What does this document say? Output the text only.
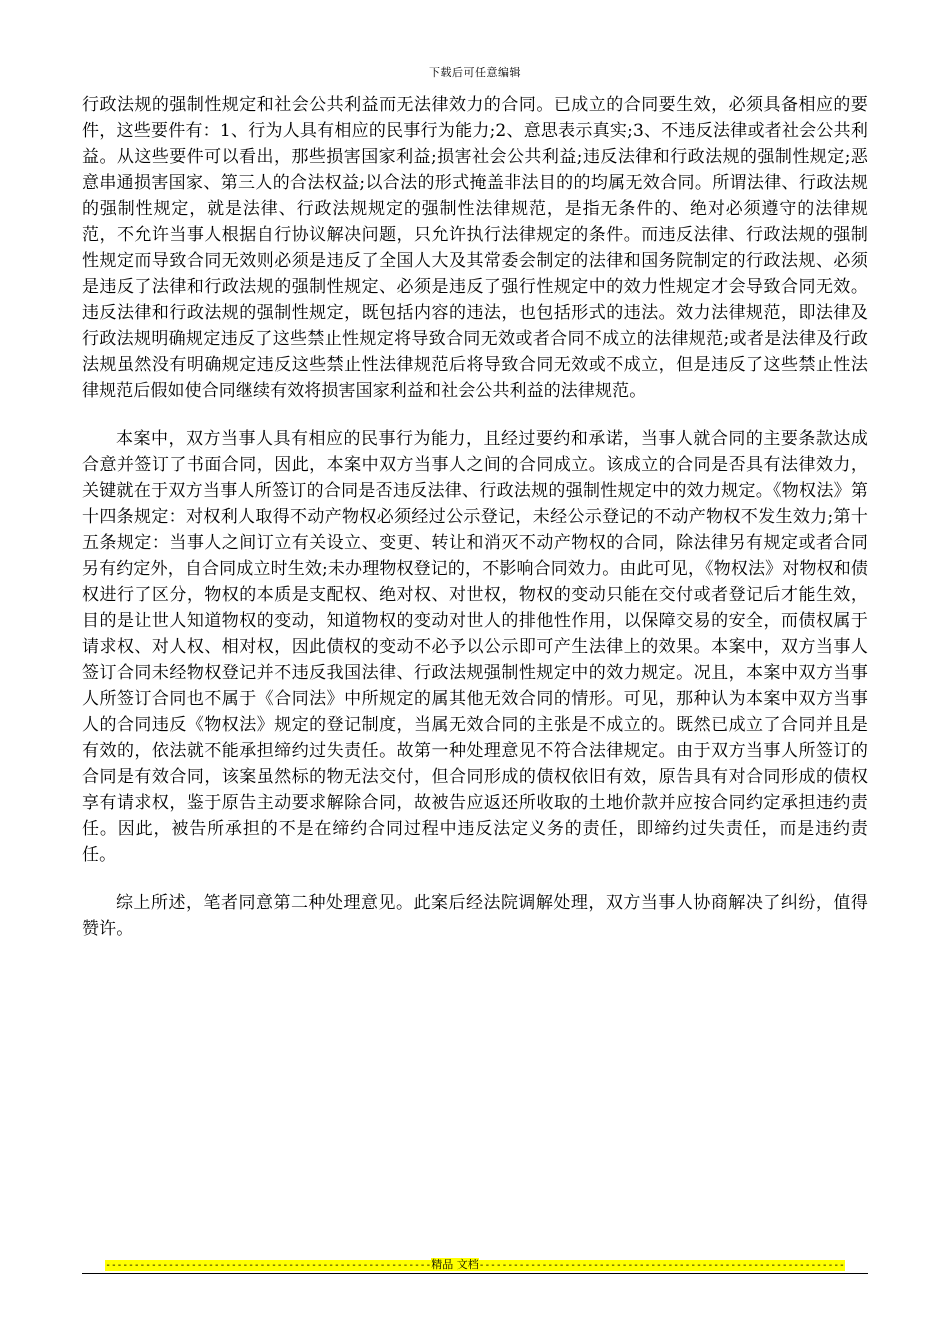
下载后可任意编辑

行政法规的强制性规定和社会公共利益而无法律效力的合同。已成立的合同要生效，必须具备相应的要件，这些要件有：1、行为人具有相应的民事行为能力;2、意思表示真实;3、不违反法律或者社会公共利益。从这些要件可以看出，那些损害国家利益;损害社会公共利益;违反法律和行政法规的强制性规定;恶意串通损害国家、第三人的合法权益;以合法的形式掩盖非法目的的均属无效合同。所谓法律、行政法规的强制性规定，就是法律、行政法规规定的强制性法律规范，是指无条件的、绝对必须遵守的法律规范，不允许当事人根据自行协议解决问题，只允许执行法律规定的条件。而违反法律、行政法规的强制性规定而导致合同无效则必须是违反了全国人大及其常委会制定的法律和国务院制定的行政法规、必须是违反了法律和行政法规的强制性规定、必须是违反了强行性规定中的效力性规定才会导致合同无效。违反法律和行政法规的强制性规定，既包括内容的违法，也包括形式的违法。效力法律规范，即法律及行政法规明确规定违反了这些禁止性规定将导致合同无效或者合同不成立的法律规范;或者是法律及行政法规虽然没有明确规定违反这些禁止性法律规范后将导致合同无效或不成立，但是违反了这些禁止性法律规范后假如使合同继续有效将损害国家利益和社会公共利益的法律规范。

本案中，双方当事人具有相应的民事行为能力，且经过要约和承诺，当事人就合同的主要条款达成合意并签订了书面合同，因此，本案中双方当事人之间的合同成立。该成立的合同是否具有法律效力，关键就在于双方当事人所签订的合同是否违反法律、行政法规的强制性规定中的效力规定。《物权法》第十四条规定：对权利人取得不动产物权必须经过公示登记，未经公示登记的不动产物权不发生效力;第十五条规定：当事人之间订立有关设立、变更、转让和消灭不动产物权的合同，除法律另有规定或者合同另有约定外，自合同成立时生效;未办理物权登记的，不影响合同效力。由此可见，《物权法》对物权和债权进行了区分，物权的本质是支配权、绝对权、对世权，物权的变动只能在交付或者登记后才能生效，目的是让世人知道物权的变动，知道物权的变动对世人的排他性作用，以保障交易的安全，而债权属于请求权、对人权、相对权，因此债权的变动不必予以公示即可产生法律上的效果。本案中，双方当事人签订合同未经物权登记并不违反我国法律、行政法规强制性规定中的效力规定。况且，本案中双方当事人所签订合同也不属于《合同法》中所规定的属其他无效合同的情形。可见，那种认为本案中双方当事人的合同违反《物权法》规定的登记制度，当属无效合同的主张是不成立的。既然已成立了合同并且是有效的，依法就不能承担缔约过失责任。故第一种处理意见不符合法律规定。由于双方当事人所签订的合同是有效合同，该案虽然标的物无法交付，但合同形成的债权依旧有效，原告具有对合同形成的债权享有请求权，鉴于原告主动要求解除合同，故被告应返还所收取的土地价款并应按合同约定承担违约责任。因此，被告所承担的不是在缔约合同过程中违反法定义务的责任，即缔约过失责任，而是违约责任。

综上所述，笔者同意第二种处理意见。此案后经法院调解处理，双方当事人协商解决了纠纷，值得赞许。

---------------------------------------------------------精品 文档----------------------------------------------------------------
